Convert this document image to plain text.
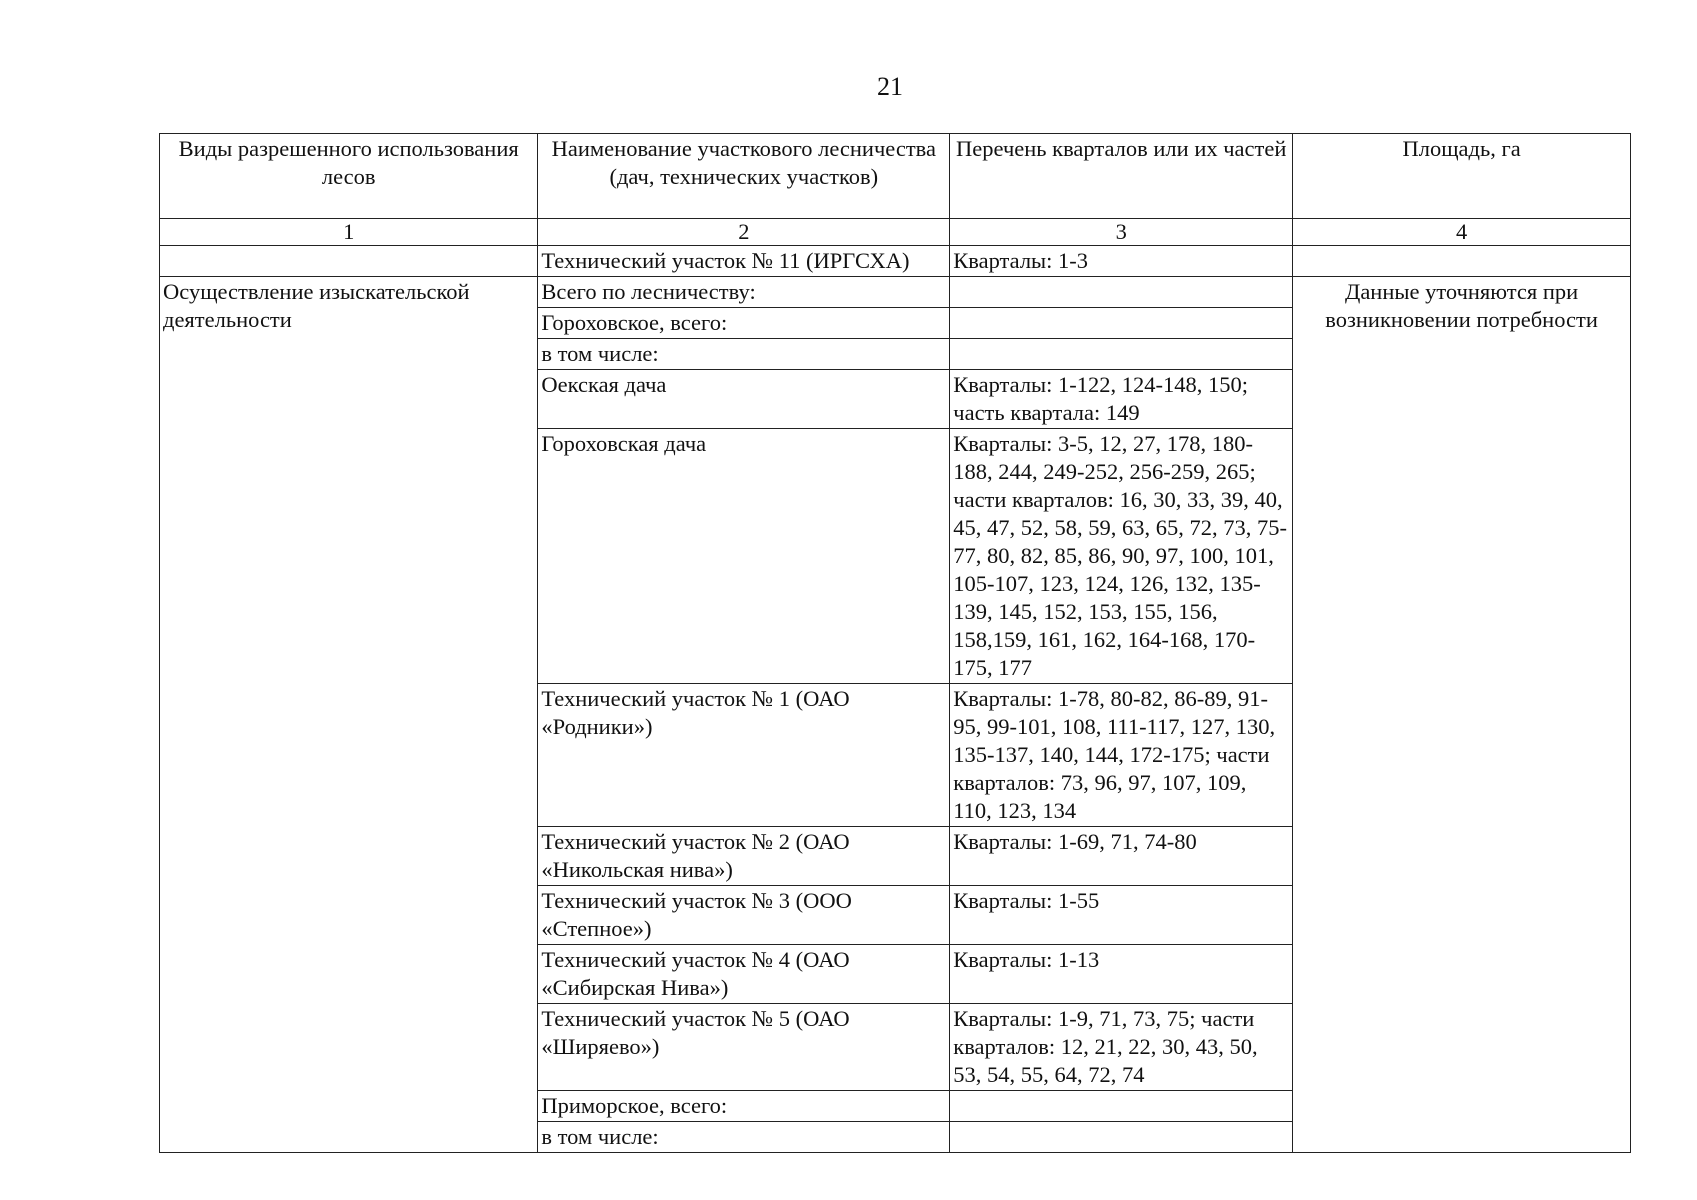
21
Виды разрешенного использования лесов	Наименование участкового лесничества (дач, технических участков)	Перечень кварталов или их частей	Площадь, га
1	2	3	4
	Технический участок № 11 (ИРГСХА)	Кварталы: 1-3	
Осуществление изыскательской деятельности	Всего по лесничеству:		Данные уточняются при возникновении потребности
	Гороховское, всего:		
	в том числе:		
	Оекская дача	Кварталы: 1-122, 124-148, 150; часть квартала: 149	
	Гороховская дача	Кварталы: 3-5, 12, 27, 178, 180-188, 244, 249-252, 256-259, 265; части кварталов: 16, 30, 33, 39, 40, 45, 47, 52, 58, 59, 63, 65, 72, 73, 75-77, 80, 82, 85, 86, 90, 97, 100, 101, 105-107, 123, 124, 126, 132, 135-139, 145, 152, 153, 155, 156, 158,159, 161, 162, 164-168, 170-175, 177	
	Технический участок № 1 (ОАО «Родники»)	Кварталы: 1-78, 80-82, 86-89, 91-95, 99-101, 108, 111-117, 127, 130, 135-137, 140, 144, 172-175; части кварталов: 73, 96, 97, 107, 109, 110, 123, 134	
	Технический участок № 2 (ОАО «Никольская нива»)	Кварталы: 1-69, 71, 74-80	
	Технический участок № 3 (ООО «Степное»)	Кварталы: 1-55	
	Технический участок № 4 (ОАО «Сибирская Нива»)	Кварталы: 1-13	
	Технический участок № 5 (ОАО «Ширяево»)	Кварталы: 1-9, 71, 73, 75; части кварталов: 12, 21, 22, 30, 43, 50, 53, 54, 55, 64, 72, 74	
	Приморское, всего:		
	в том числе:		
